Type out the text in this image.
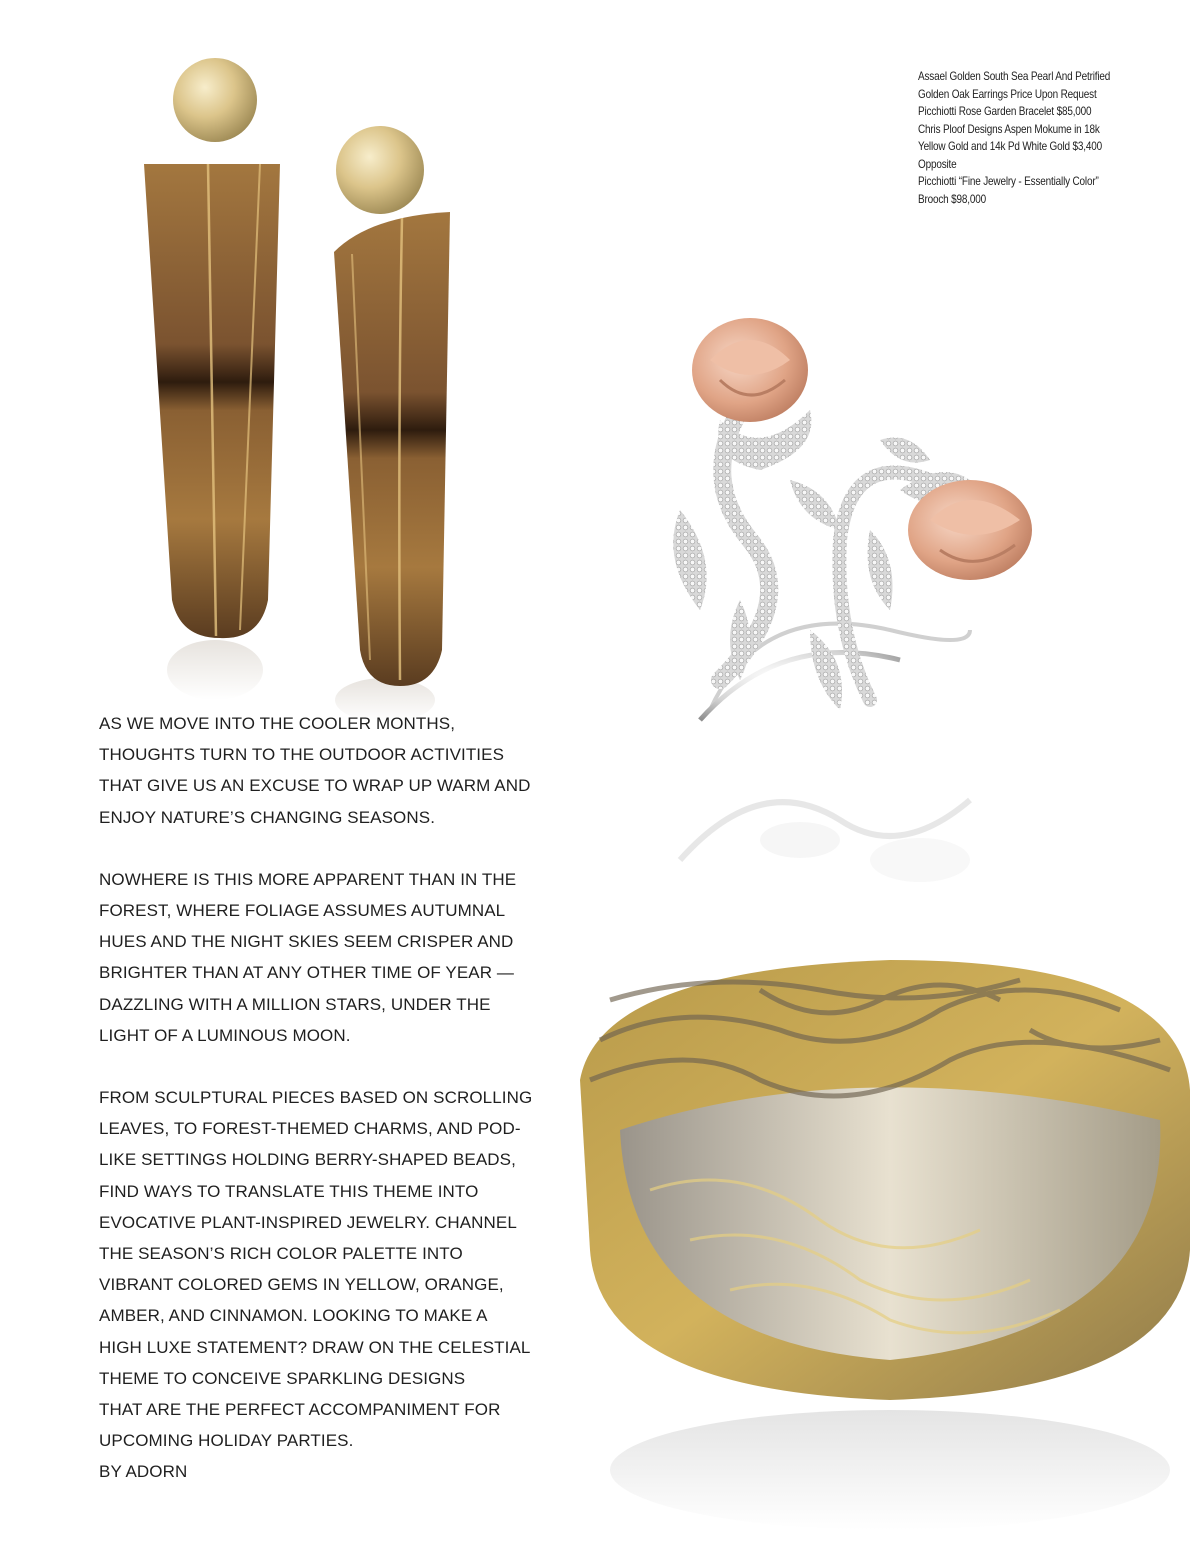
Assael Golden South Sea Pearl And Petrified
Golden Oak Earrings Price Upon Request
Picchiotti Rose Garden Bracelet $85,000
Chris Ploof Designs Aspen Mokume in 18k
Yellow Gold and 14k Pd White Gold $3,400
Opposite
Picchiotti “Fine Jewelry - Essentially Color”
Brooch $98,000

AS WE MOVE INTO THE COOLER MONTHS,
THOUGHTS TURN TO THE OUTDOOR ACTIVITIES
THAT GIVE US AN EXCUSE TO WRAP UP WARM AND
ENJOY NATURE’S CHANGING SEASONS.

NOWHERE IS THIS MORE APPARENT THAN IN THE
FOREST, WHERE FOLIAGE ASSUMES AUTUMNAL
HUES AND THE NIGHT SKIES SEEM CRISPER AND
BRIGHTER THAN AT ANY OTHER TIME OF YEAR —
DAZZLING WITH A MILLION STARS, UNDER THE
LIGHT OF A LUMINOUS MOON.

FROM SCULPTURAL PIECES BASED ON SCROLLING
LEAVES, TO FOREST-THEMED CHARMS, AND POD-
LIKE SETTINGS HOLDING BERRY-SHAPED BEADS,
FIND WAYS TO TRANSLATE THIS THEME INTO
EVOCATIVE PLANT-INSPIRED JEWELRY. CHANNEL
THE SEASON’S RICH COLOR PALETTE INTO
VIBRANT COLORED GEMS IN YELLOW, ORANGE,
AMBER, AND CINNAMON. LOOKING TO MAKE A
HIGH LUXE STATEMENT? DRAW ON THE CELESTIAL
THEME TO CONCEIVE SPARKLING DESIGNS
THAT ARE THE PERFECT ACCOMPANIMENT FOR
UPCOMING HOLIDAY PARTIES.

BY ADORN
